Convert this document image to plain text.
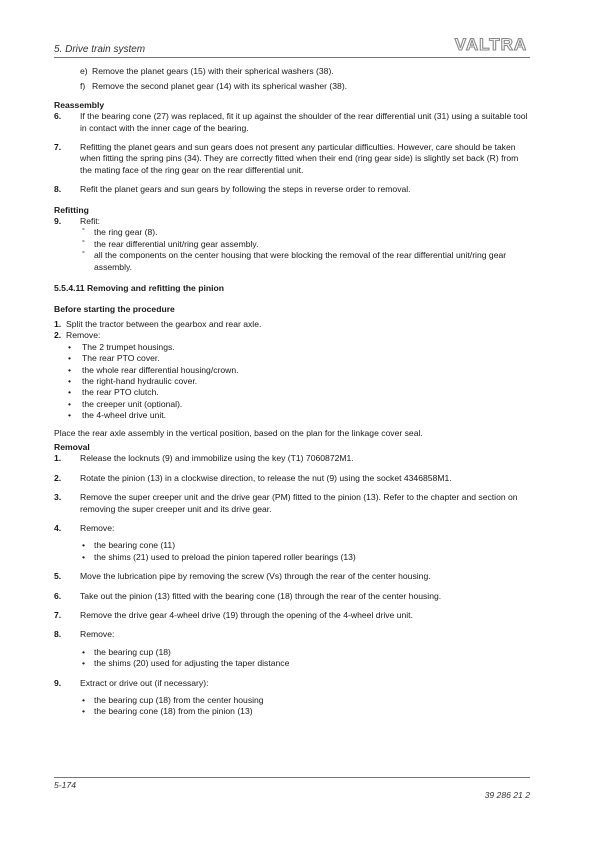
5. Drive train system	VALTRA
e) Remove the planet gears (15) with their spherical washers (38).
f) Remove the second planet gear (14) with its spherical washer (38).
Reassembly
6.	If the bearing cone (27) was replaced, fit it up against the shoulder of the rear differential unit (31) using a suitable tool in contact with the inner cage of the bearing.
7.	Refitting the planet gears and sun gears does not present any particular difficulties. However, care should be taken when fitting the spring pins (34). They are correctly fitted when their end (ring gear side) is slightly set back (R) from the mating face of the ring gear on the rear differential unit.
8.	Refit the planet gears and sun gears by following the steps in reverse order to removal.
Refitting
9.	Refit:
° the ring gear (8).
° the rear differential unit/ring gear assembly.
° all the components on the center housing that were blocking the removal of the rear differential unit/ring gear assembly.
5.5.4.11 Removing and refitting the pinion
Before starting the procedure
1. Split the tractor between the gearbox and rear axle.
2. Remove:
• The 2 trumpet housings.
• The rear PTO cover.
• the whole rear differential housing/crown.
• the right-hand hydraulic cover.
• the rear PTO clutch.
• the creeper unit (optional).
• the 4-wheel drive unit.
Place the rear axle assembly in the vertical position, based on the plan for the linkage cover seal.
Removal
1.	Release the locknuts (9) and immobilize using the key (T1) 7060872M1.
2.	Rotate the pinion (13) in a clockwise direction, to release the nut (9) using the socket 4346858M1.
3.	Remove the super creeper unit and the drive gear (PM) fitted to the pinion (13). Refer to the chapter and section on removing the super creeper unit and its drive gear.
4.	Remove:
• the bearing cone (11)
• the shims (21) used to preload the pinion tapered roller bearings (13)
5.	Move the lubrication pipe by removing the screw (Vs) through the rear of the center housing.
6.	Take out the pinion (13) fitted with the bearing cone (18) through the rear of the center housing.
7.	Remove the drive gear 4-wheel drive (19) through the opening of the 4-wheel drive unit.
8.	Remove:
• the bearing cup (18)
• the shims (20) used for adjusting the taper distance
9.	Extract or drive out (if necessary):
• the bearing cup (18) from the center housing
• the bearing cone (18) from the pinion (13)
5-174
39 286 21 2
